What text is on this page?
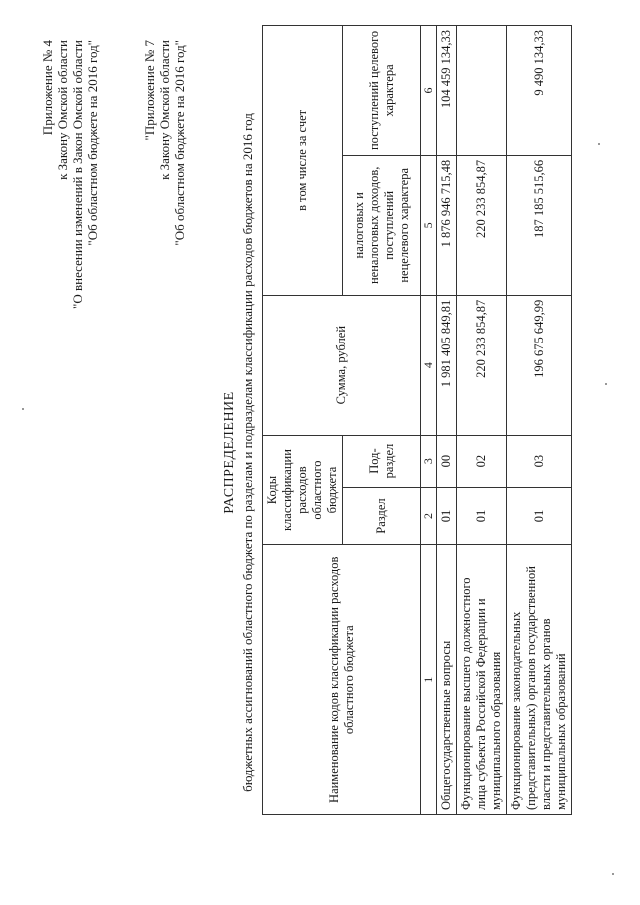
Приложение № 4 к Закону Омской области "О внесении изменений в Закон Омской области "Об областном бюджете на 2016 год"	"Приложение № 7 к Закону Омской области "Об областном бюджете на 2016 год"
РАСПРЕДЕЛЕНИЕ бюджетных ассигнований областного бюджета по разделам и подразделам классификации расходов бюджетов на 2016 год	Наименование кодов классификации расходов областного бюджета	Коды классификации расходов областного бюджета		Сумма, рублей	в том числе за счет	
	Раздел	Под-раздел		налоговых и неналоговых доходов, поступлений нецелевого характера	поступлений целевого характера

1	2	3	4	5	6
Общегосударственные вопросы	01	00	1 981 405 849,81	1 876 946 715,48	104 459 134,33
Функционирование высшего должностного лица субъекта Российской Федерации и муниципального образования	01	02	220 233 854,87	220 233 854,87	
Функционирование законодательных (представительных) органов государственной власти и представительных органов муниципальных образований	01	03	196 675 649,99	187 185 515,66	9 490 134,33
